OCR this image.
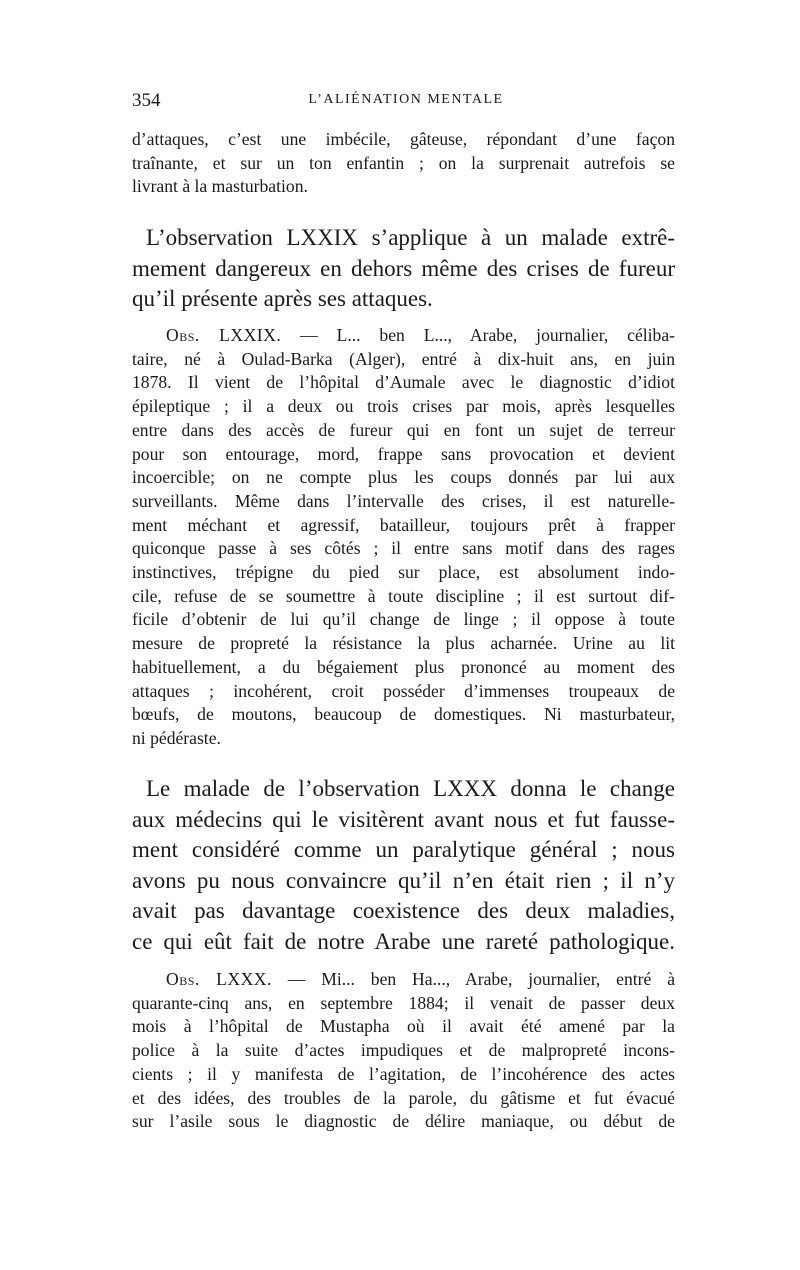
354	L’ALIÉNATION MENTALE

d’attaques, c’est une imbécile, gâteuse, répondant d’une façon
traînante, et sur un ton enfantin ; on la surprenait autrefois se
livrant à la masturbation.

L’observation LXXIX s’applique à un malade extrê-
mement dangereux en dehors même des crises de fureur
qu’il présente après ses attaques.

Obs. LXXIX. — L... ben L..., Arabe, journalier, céliba-
taire, né à Oulad-Barka (Alger), entré à dix-huit ans, en juin
1878. Il vient de l’hôpital d’Aumale avec le diagnostic d’idiot
épileptique ; il a deux ou trois crises par mois, après lesquelles
entre dans des accès de fureur qui en font un sujet de terreur
pour son entourage, mord, frappe sans provocation et devient
incoercible; on ne compte plus les coups donnés par lui aux
surveillants. Même dans l’intervalle des crises, il est naturelle-
ment méchant et agressif, batailleur, toujours prêt à frapper
quiconque passe à ses côtés ; il entre sans motif dans des rages
instinctives, trépigne du pied sur place, est absolument indo-
cile, refuse de se soumettre à toute discipline ; il est surtout dif-
ficile d’obtenir de lui qu’il change de linge ; il oppose à toute
mesure de propreté la résistance la plus acharnée. Urine au lit
habituellement, a du bégaiement plus prononcé au moment des
attaques ; incohérent, croit posséder d’immenses troupeaux de
bœufs, de moutons, beaucoup de domestiques. Ni masturbateur,
ni pédéraste.

Le malade de l’observation LXXX donna le change
aux médecins qui le visitèrent avant nous et fut fausse-
ment considéré comme un paralytique général ; nous
avons pu nous convaincre qu’il n’en était rien ; il n’y
avait pas davantage coexistence des deux maladies,
ce qui eût fait de notre Arabe une rareté pathologique.

Obs. LXXX. — Mi... ben Ha..., Arabe, journalier, entré à
quarante-cinq ans, en septembre 1884; il venait de passer deux
mois à l’hôpital de Mustapha où il avait été amené par la
police à la suite d’actes impudiques et de malpropreté incons-
cients ; il y manifesta de l’agitation, de l’incohérence des actes
et des idées, des troubles de la parole, du gâtisme et fut évacué
sur l’asile sous le diagnostic de délire maniaque, ou début de
